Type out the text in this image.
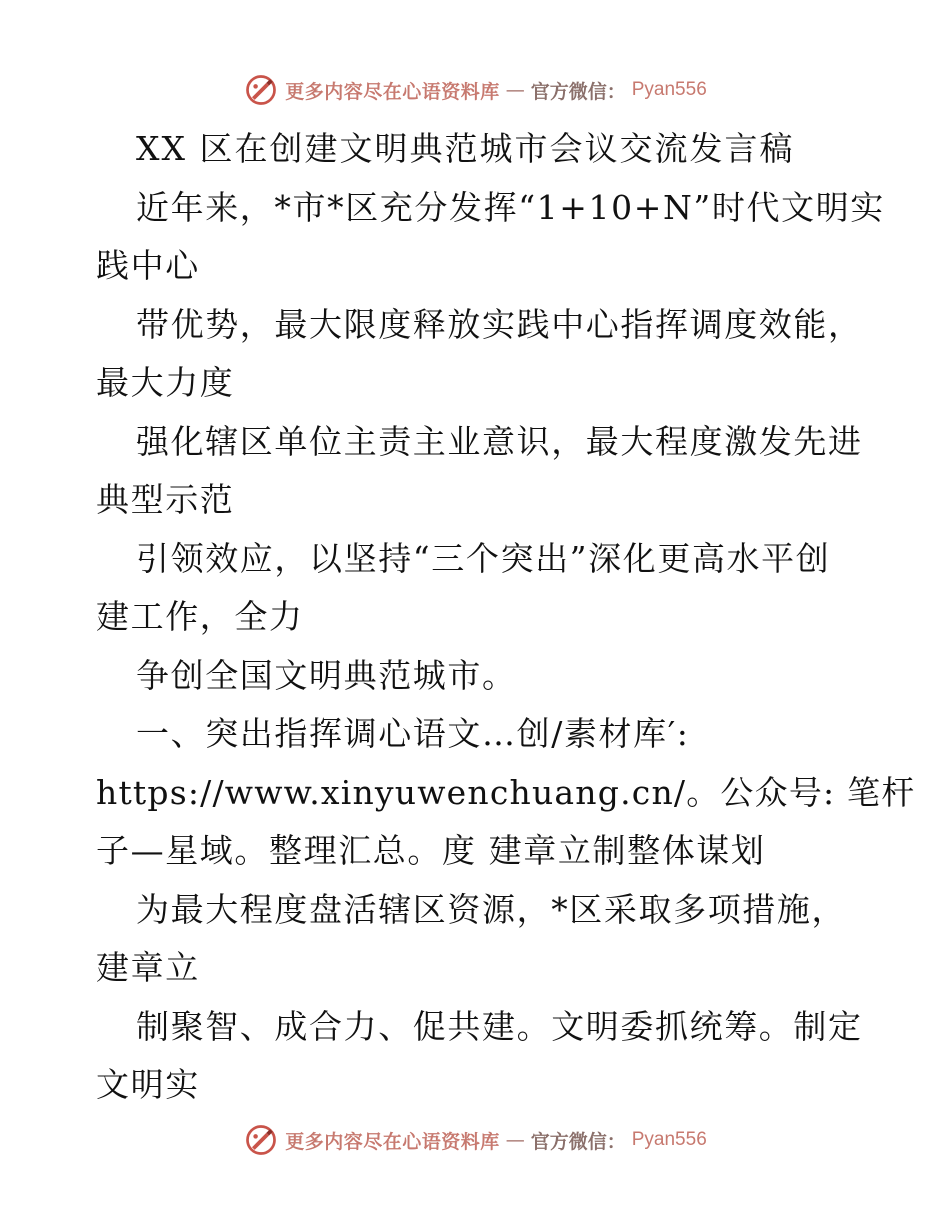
更多内容尽在心语资料库 — 官方微信： Pyan556
XX 区在创建文明典范城市会议交流发言稿
近年来，*市*区充分发挥“1+10+N”时代文明实
践中心
带优势，最大限度释放实践中心指挥调度效能，
最大力度
强化辖区单位主责主业意识，最大程度激发先进
典型示范
引领效应，以坚持“三个突出”深化更高水平创
建工作，全力
争创全国文明典范城市。
一、突出指挥调心语文…创/素材库′:
https://www.xinyuwenchuang.cn/。公众号: 笔杆
子—星域。整理汇总。度 建章立制整体谋划
为最大程度盘活辖区资源，*区采取多项措施，
建章立
制聚智、成合力、促共建。文明委抓统筹。制定
文明实
更多内容尽在心语资料库 — 官方微信： Pyan556
